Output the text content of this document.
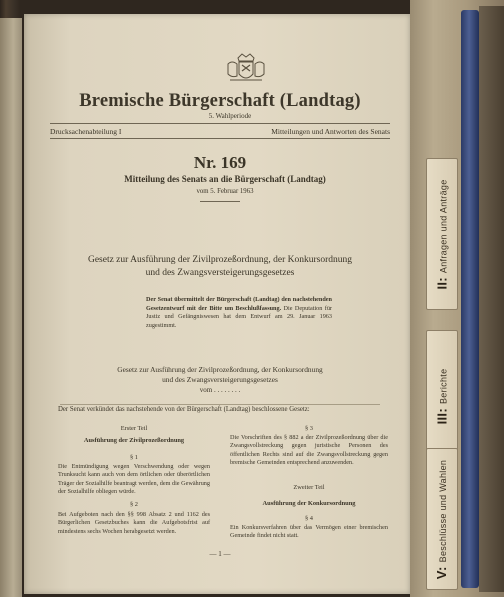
II:Anfragen und Anträge
III:Berichte
V:Beschlüsse und Wahlen

Bremische Bürgerschaft (Landtag)

5. Wahlperiode

Drucksachenabteilung I	Mitteilungen und Antworten des Senats

Nr. 169

Mitteilung des Senats an die Bürgerschaft (Landtag)

vom 5. Februar 1963

Gesetz zur Ausführung der Zivilprozeßordnung, der Konkursordnung
und des Zwangsversteigerungsgesetzes

Der Senat übermittelt der Bürgerschaft (Landtag) den nachstehenden Gesetzentwurf mit der Bitte um Beschlußfassung. Die Deputation für Justiz und Gefängniswesen hat dem Entwurf am 29. Januar 1963 zugestimmt.

Gesetz zur Ausführung der Zivilprozeßordnung, der Konkursordnung
und des Zwangsversteigerungsgesetzes

vom . . . . . . . .

Der Senat verkündet das nachstehende von der Bürgerschaft (Landtag) beschlossene Gesetz:

Erster Teil

Ausführung der Zivilprozeßordnung

§ 1

Die Entmündigung wegen Verschwendung oder wegen Trunksucht kann auch von dem örtlichen oder überörtlichen Träger der Sozialhilfe beantragt werden, dem die Gewährung der Sozialhilfe obliegen würde.

§ 2

Bei Aufgeboten nach den §§ 998 Absatz 2 und 1162 des Bürgerlichen Gesetzbuches kann die Aufgebotsfrist auf mindestens sechs Wochen herabgesetzt werden.

§ 3

Die Vorschriften des § 882 a der Zivilprozeßordnung über die Zwangsvollstreckung gegen juristische Personen des öffentlichen Rechts sind auf die Zwangsvollstreckung gegen bremische Gemeinden entsprechend anzuwenden.

Zweiter Teil

Ausführung der Konkursordnung

§ 4

Ein Konkursverfahren über das Vermögen einer bremischen Gemeinde findet nicht statt.

— 1 —
